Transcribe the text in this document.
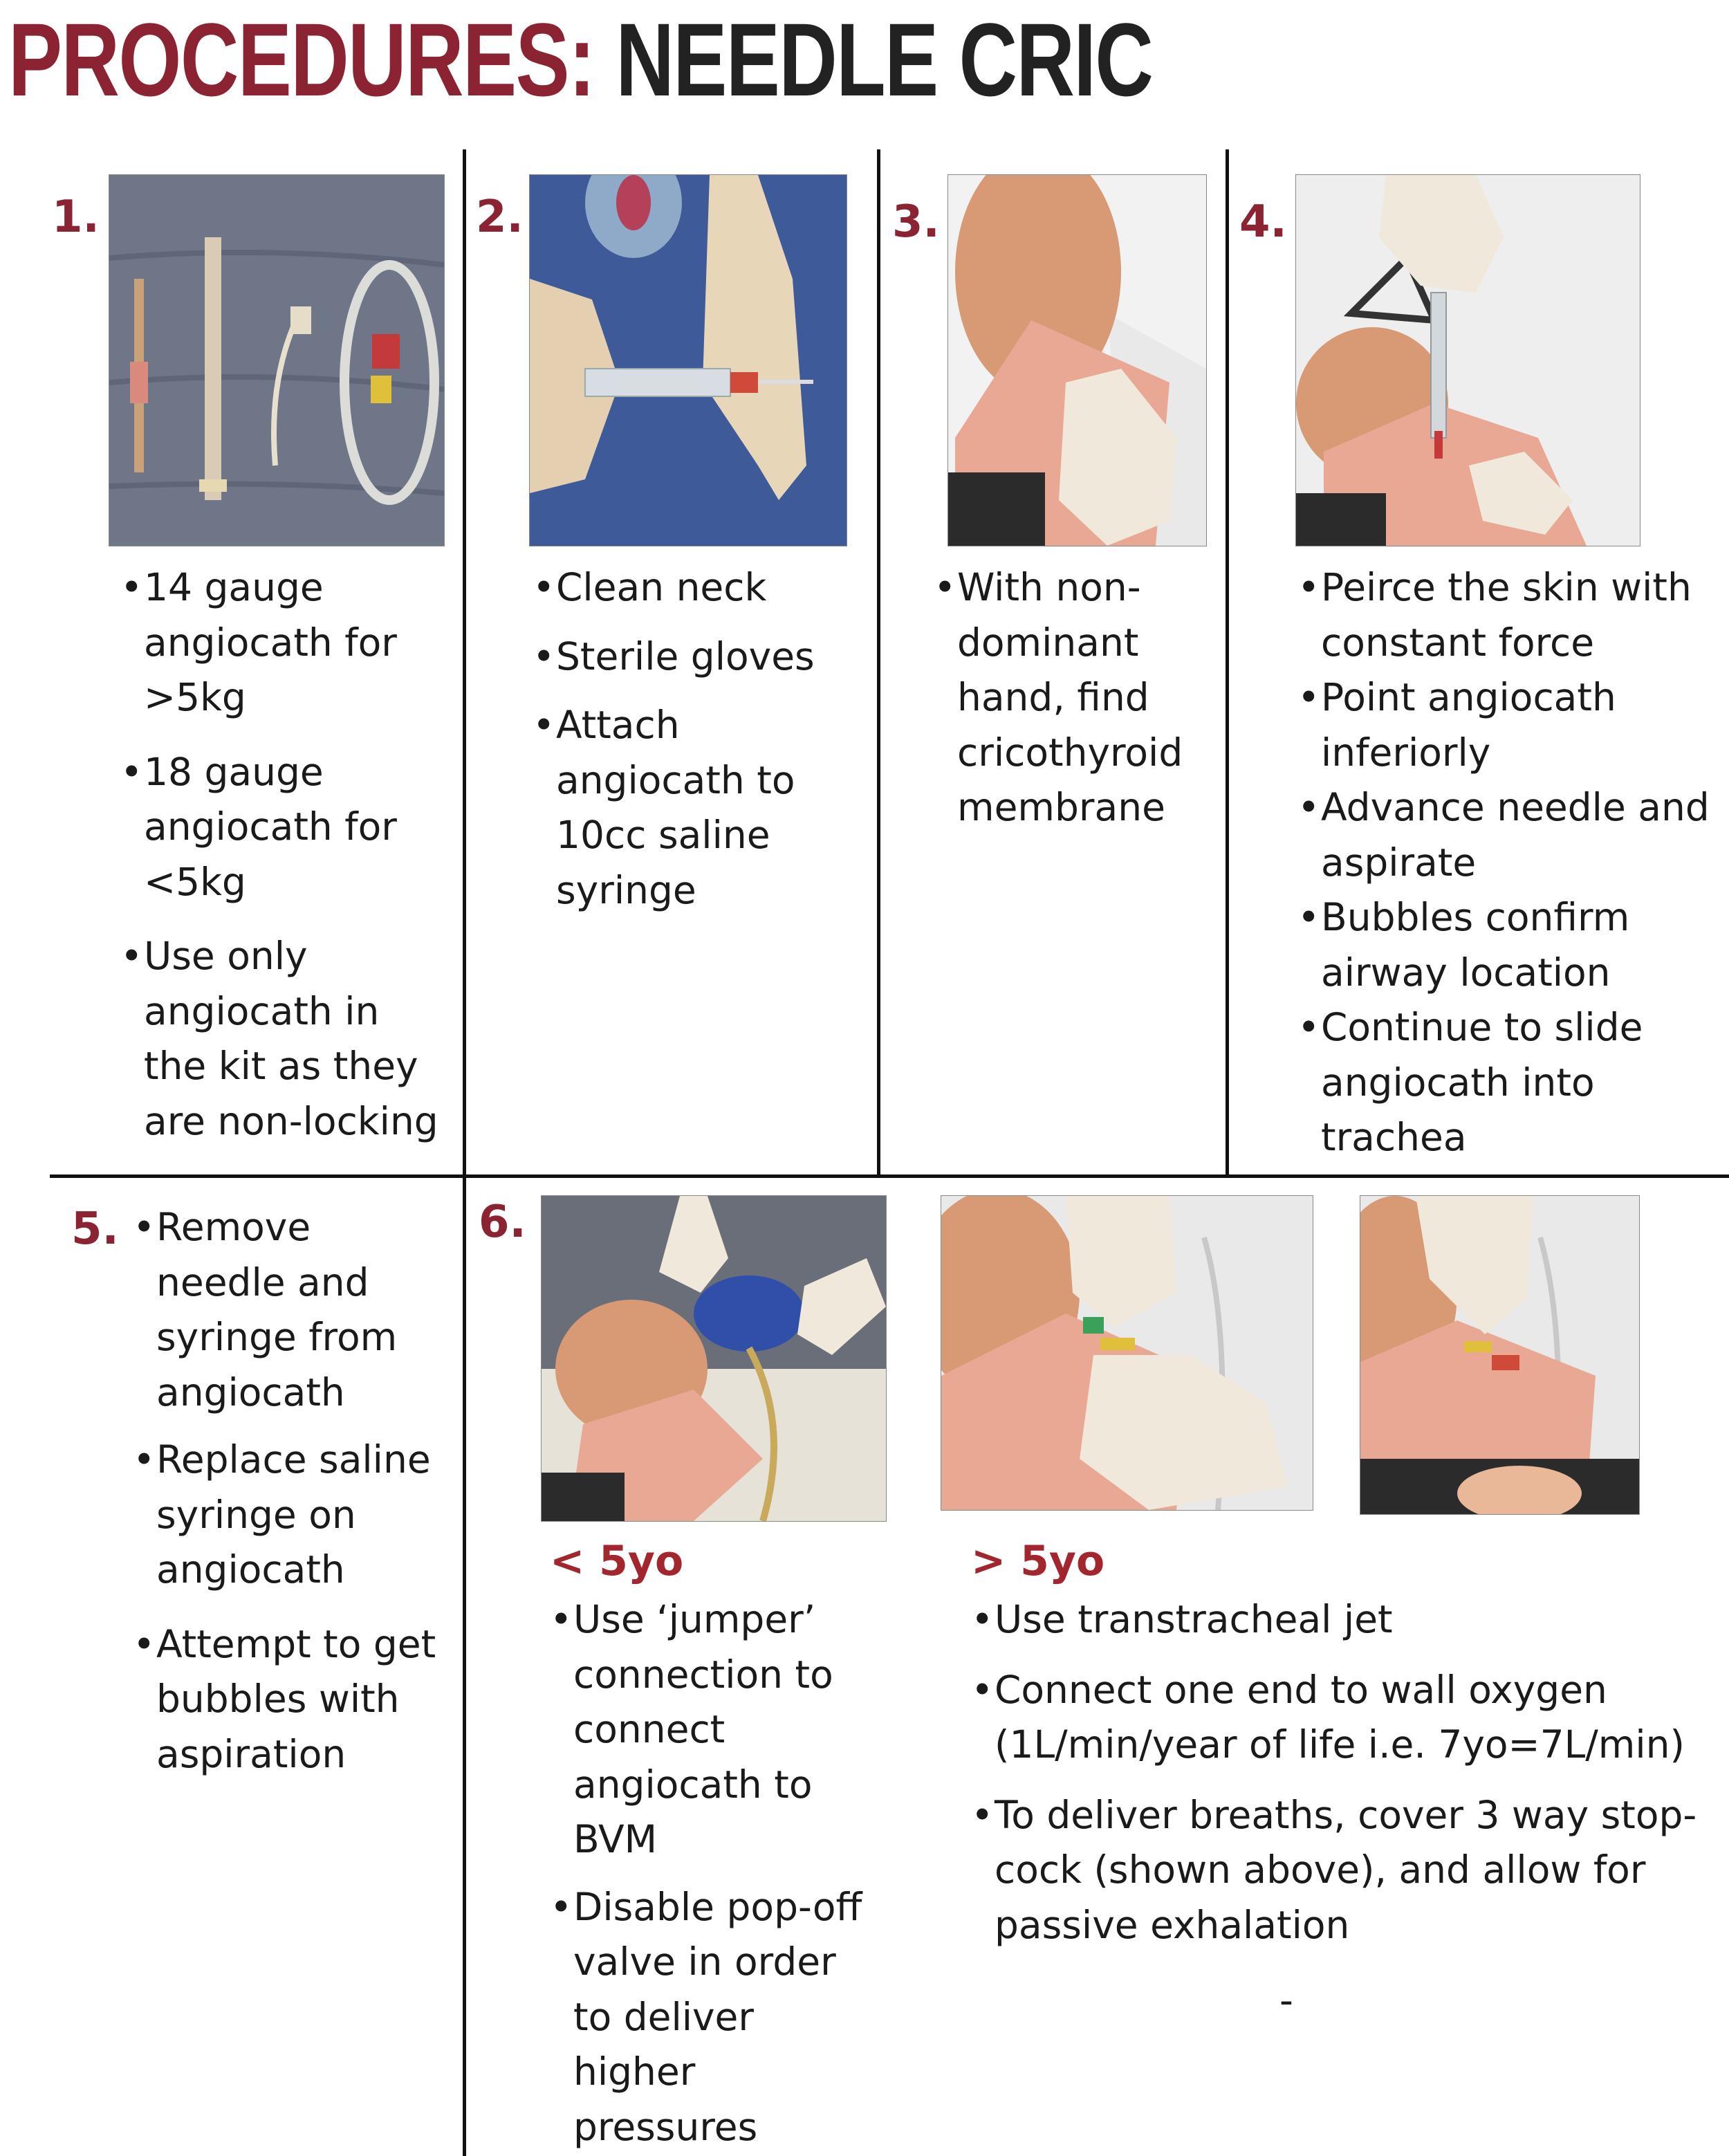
PROCEDURES: NEEDLE CRIC
1.
• 14 gauge angiocath for >5kg
• 18 gauge angiocath for <5kg
• Use only angiocath in the kit as they are non-locking
2.
• Clean neck
• Sterile gloves
• Attach angiocath to 10cc saline syringe
3.
• With non-dominant hand, find cricothyroid membrane
4.
• Peirce the skin with constant force
• Point angiocath inferiorly
• Advance needle and aspirate
• Bubbles confirm airway location
• Continue to slide angiocath into trachea
5.
• Remove needle and syringe from angiocath
• Replace saline syringe on angiocath
• Attempt to get bubbles with aspiration
6.
< 5yo
• Use ‘jumper’ connection to connect angiocath to BVM
• Disable pop-off valve in order to deliver higher pressures
> 5yo
• Use transtracheal jet
• Connect one end to wall oxygen (1L/min/year of life i.e. 7yo=7L/min)
• To deliver breaths, cover 3 way stop-cock (shown above), and allow for passive exhalation
-
